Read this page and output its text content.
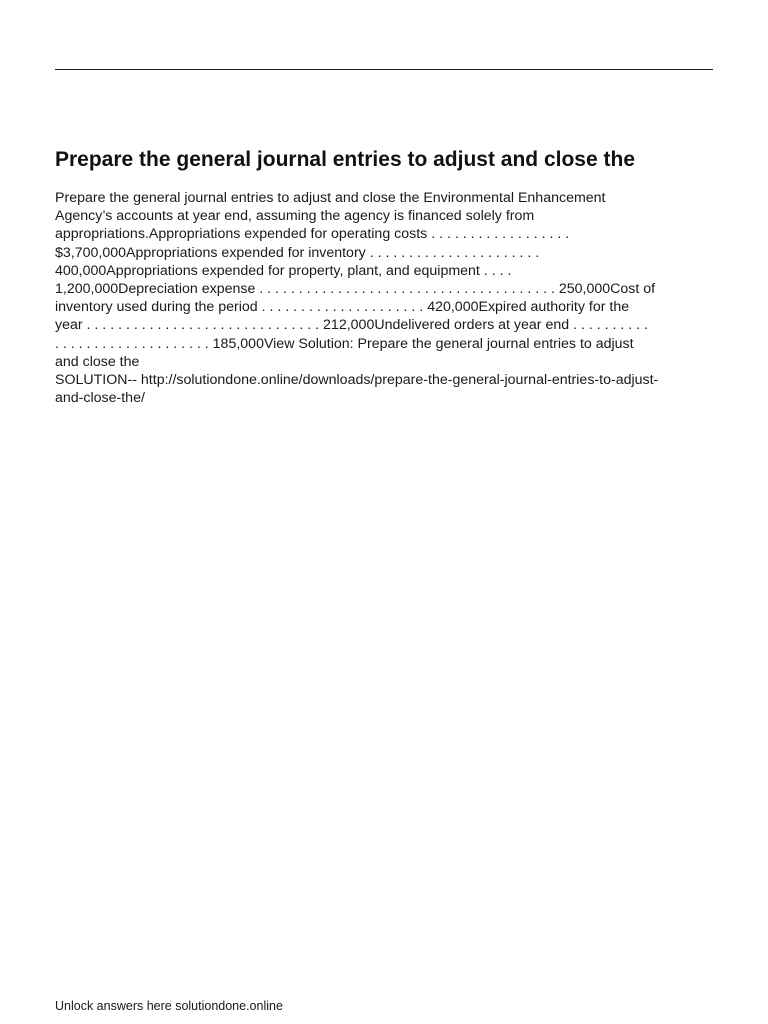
Prepare the general journal entries to adjust and close the
Prepare the general journal entries to adjust and close the Environmental Enhancement
Agency’s accounts at year end, assuming the agency is financed solely from
appropriations.Appropriations expended for operating costs . . . . . . . . . . . . . . . . . .
$3,700,000Appropriations expended for inventory . . . . . . . . . . . . . . . . . . . . . .
400,000Appropriations expended for property, plant, and equipment . . . .
1,200,000Depreciation expense . . . . . . . . . . . . . . . . . . . . . . . . . . . . . . . . . . . . . . 250,000Cost of
inventory used during the period . . . . . . . . . . . . . . . . . . . . . 420,000Expired authority for the
year . . . . . . . . . . . . . . . . . . . . . . . . . . . . . . 212,000Undelivered orders at year end . . . . . . . . . .
. . . . . . . . . . . . . . . . . . . . 185,000View Solution: Prepare the general journal entries to adjust
and close the
SOLUTION-- http://solutiondone.online/downloads/prepare-the-general-journal-entries-to-adjust-
and-close-the/

Unlock answers here solutiondone.online
